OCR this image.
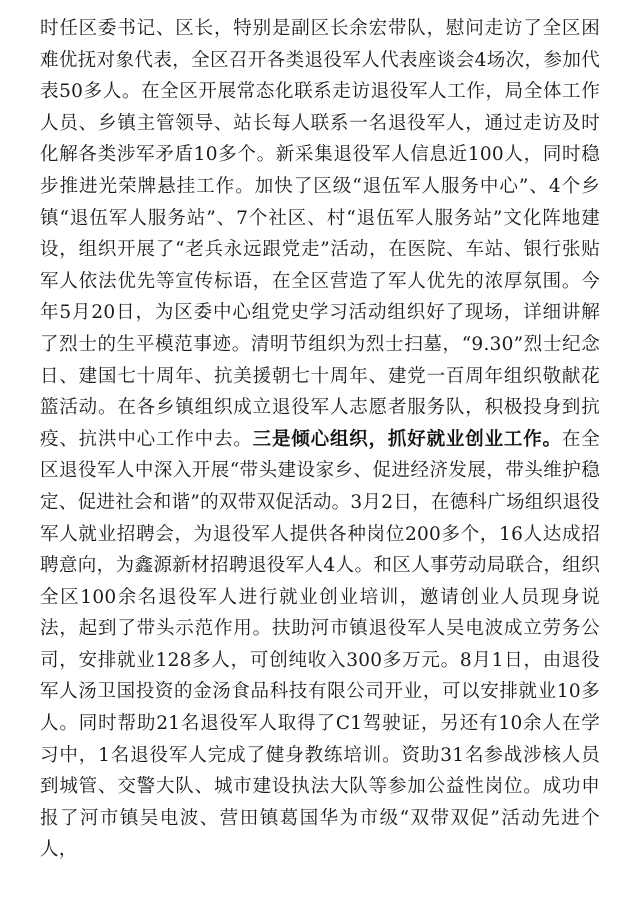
时任区委书记、区长，特别是副区长余宏带队，慰问走访了全区困难优抚对象代表，全区召开各类退役军人代表座谈会4场次，参加代表50多人。在全区开展常态化联系走访退役军人工作，局全体工作人员、乡镇主管领导、站长每人联系一名退役军人，通过走访及时化解各类涉军矛盾10多个。新采集退役军人信息近100人，同时稳步推进光荣牌悬挂工作。加快了区级“退伍军人服务中心”、4个乡镇“退伍军人服务站”、7个社区、村“退伍军人服务站”文化阵地建设，组织开展了“老兵永远跟党走”活动，在医院、车站、银行张贴军人依法优先等宣传标语，在全区营造了军人优先的浓厚氛围。今年5月20日，为区委中心组党史学习活动组织好了现场，详细讲解了烈士的生平模范事迹。清明节组织为烈士扫墓，“9.30”烈士纪念日、建国七十周年、抗美援朝七十周年、建党一百周年组织敬献花篮活动。在各乡镇组织成立退役军人志愿者服务队，积极投身到抗疫、抗洪中心工作中去。三是倾心组织，抓好就业创业工作。在全区退役军人中深入开展“带头建设家乡、促进经济发展，带头维护稳定、促进社会和谐”的双带双促活动。3月2日，在德科广场组织退役军人就业招聘会，为退役军人提供各种岗位200多个，16人达成招聘意向，为鑫源新材招聘退役军人4人。和区人事劳动局联合，组织全区100余名退役军人进行就业创业培训，邀请创业人员现身说法，起到了带头示范作用。扶助河市镇退役军人吴电波成立劳务公司，安排就业128多人，可创纯收入300多万元。8月1日，由退役军人汤卫国投资的金汤食品科技有限公司开业，可以安排就业10多人。同时帮助21名退役军人取得了C1驾驶证，另还有10余人在学习中，1名退役军人完成了健身教练培训。资助31名参战涉核人员到城管、交警大队、城市建设执法大队等参加公益性岗位。成功申报了河市镇吴电波、营田镇葛国华为市级“双带双促”活动先进个人，
